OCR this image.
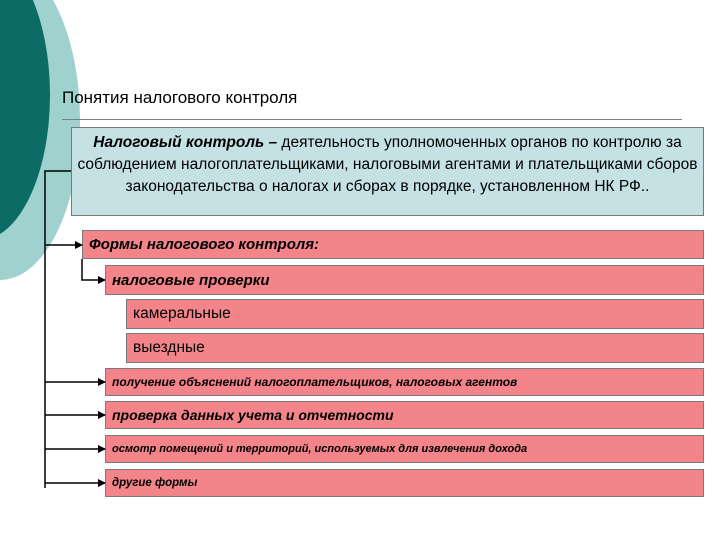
Понятия налогового контроля
Налоговый контроль – деятельность уполномоченных органов по контролю за соблюдением налогоплательщиками, налоговыми агентами и плательщиками сборов законодательства о налогах и сборах в порядке, установленном НК РФ..
Формы налогового контроля:
налоговые проверки
камеральные
выездные
получение объяснений налогоплательщиков, налоговых агентов
проверка данных учета и отчетности
осмотр помещений и территорий, используемых для извлечения дохода
другие формы
